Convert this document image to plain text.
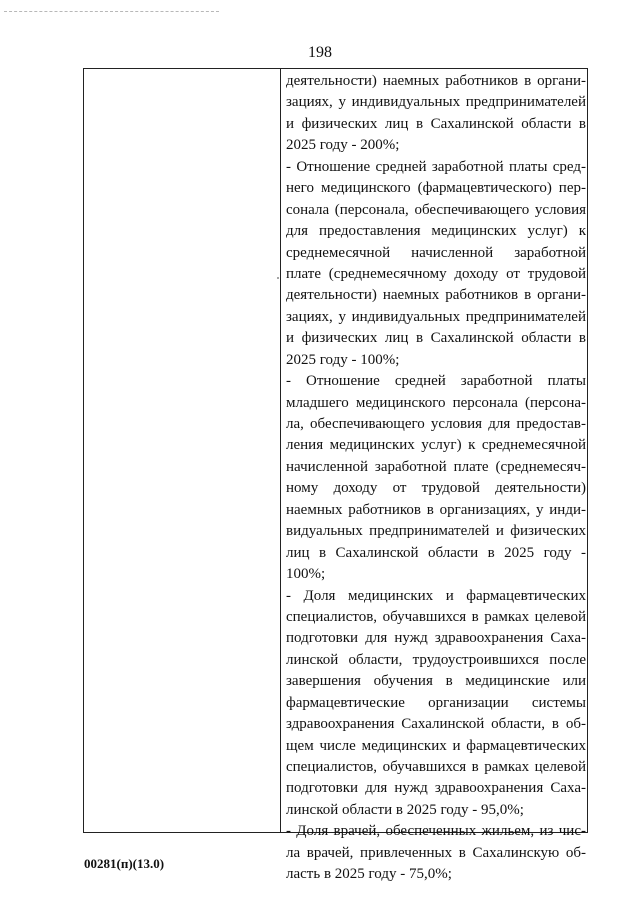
198
деятельности) наемных работников в органи-
зациях, у индивидуальных предпринимателей
и физических лиц в Сахалинской области в
2025 году - 200%;
- Отношение средней заработной платы сред-
него медицинского (фармацевтического) пер-
сонала (персонала, обеспечивающего условия
для предоставления медицинских услуг) к
среднемесячной начисленной заработной
плате (среднемесячному доходу от трудовой
деятельности) наемных работников в органи-
зациях, у индивидуальных предпринимателей
и физических лиц в Сахалинской области в
2025 году - 100%;
- Отношение средней заработной платы
младшего медицинского персонала (персона-
ла, обеспечивающего условия для предостав-
ления медицинских услуг) к среднемесячной
начисленной заработной плате (среднемесяч-
ному доходу от трудовой деятельности)
наемных работников в организациях, у инди-
видуальных предпринимателей и физических
лиц в Сахалинской области в 2025 году -
100%;
- Доля медицинских и фармацевтических
специалистов, обучавшихся в рамках целевой
подготовки для нужд здравоохранения Саха-
линской области, трудоустроившихся после
завершения обучения в медицинские или
фармацевтические организации системы
здравоохранения Сахалинской области, в об-
щем числе медицинских и фармацевтических
специалистов, обучавшихся в рамках целевой
подготовки для нужд здравоохранения Саха-
линской области в 2025 году - 95,0%;
- Доля врачей, обеспеченных жильем, из чис-
ла врачей, привлеченных в Сахалинскую об-
ласть в 2025 году - 75,0%;
00281(п)(13.0)
